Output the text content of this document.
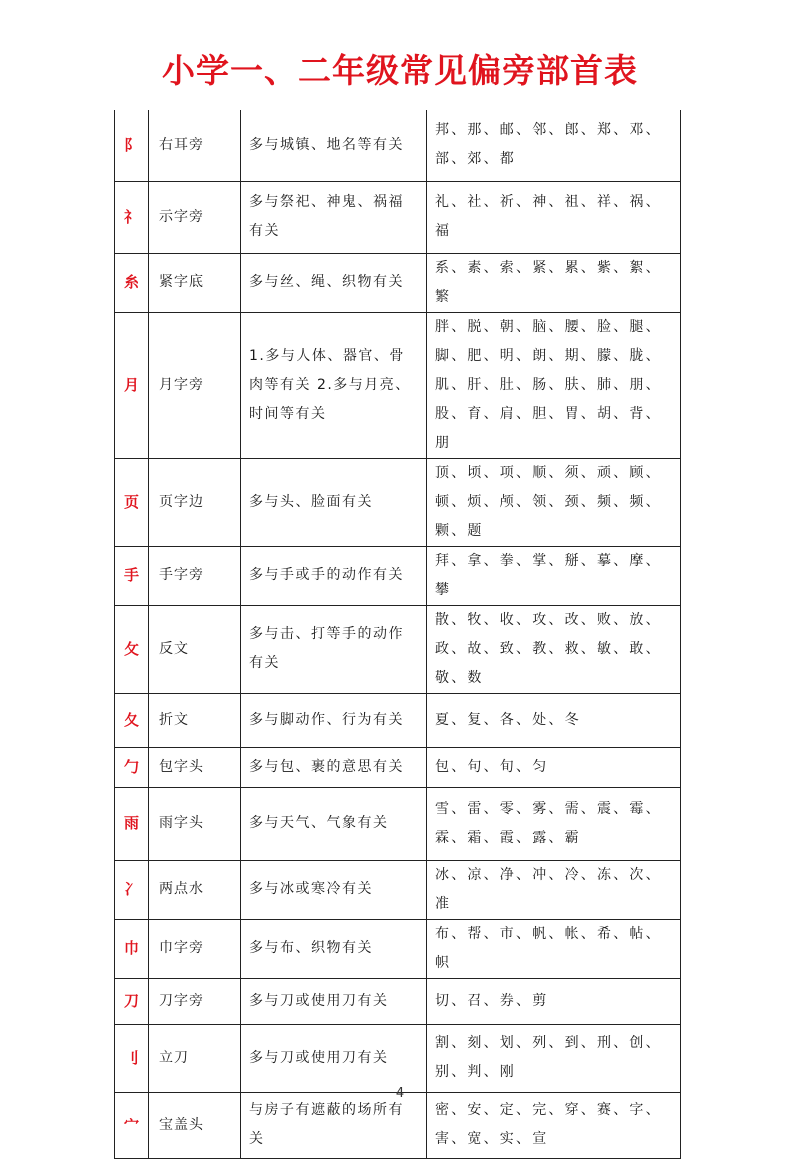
小学一、二年级常见偏旁部首表
阝	右耳旁	多与城镇、地名等有关	邦、那、邮、邻、郎、郑、邓、部、郊、都
礻	示字旁	多与祭祀、神鬼、祸福有关	礼、社、祈、神、祖、祥、祸、福
糸	紧字底	多与丝、绳、织物有关	系、素、索、紧、累、紫、絮、繁
月	月字旁	1.多与人体、器官、骨肉等有关 2.多与月亮、时间等有关	胖、脱、朝、脑、腰、脸、腿、脚、肥、明、朗、期、朦、胧、肌、肝、肚、肠、肤、肺、朋、股、育、肩、胆、胃、胡、背、朋
页	页字边	多与头、脸面有关	顶、顷、项、顺、须、顽、顾、顿、烦、颅、领、颈、频、频、颗、题
手	手字旁	多与手或手的动作有关	拜、拿、拳、掌、掰、摹、摩、攀
攵	反文	多与击、打等手的动作有关	散、牧、收、攻、改、败、放、政、故、致、教、救、敏、敢、敬、数
夂	折文	多与脚动作、行为有关	夏、复、各、处、冬
勹	包字头	多与包、裹的意思有关	包、句、旬、匀
雨	雨字头	多与天气、气象有关	雪、雷、零、雾、需、震、霉、霖、霜、霞、露、霸
冫	两点水	多与冰或寒冷有关	冰、凉、净、冲、冷、冻、次、准
巾	巾字旁	多与布、织物有关	布、帮、市、帆、帐、希、帖、帜
刀	刀字旁	多与刀或使用刀有关	切、召、券、剪
刂	立刀	多与刀或使用刀有关	割、刻、划、列、到、刑、创、别、判、刚
宀	宝盖头	与房子有遮蔽的场所有关	密、安、定、完、穿、赛、字、害、宽、实、宣
4
